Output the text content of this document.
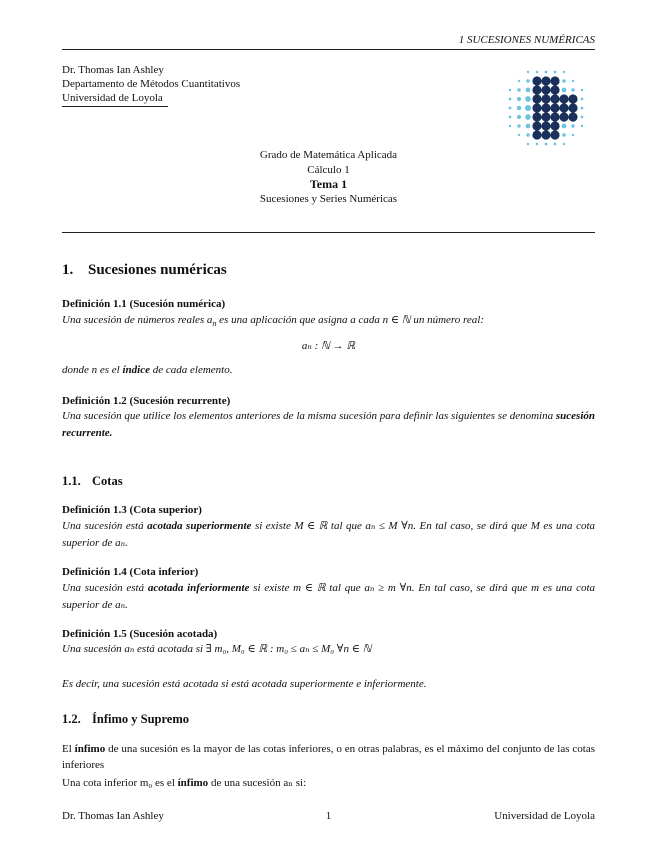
1 SUCESIONES NUMÉRICAS
Dr. Thomas Ian Ashley
Departamento de Métodos Cuantitativos
Universidad de Loyola
Grado de Matemática Aplicada
Cálculo 1
Tema 1
Sucesiones y Series Numéricas
1. Sucesiones numéricas
Definición 1.1 (Sucesión numérica)
Una sucesión de números reales $a_n$ es una aplicación que asigna a cada n ∈ ℕ un número real:
aₙ : ℕ → ℝ
donde n es el índice de cada elemento.
Definición 1.2 (Sucesión recurrente)
Una sucesión que utilice los elementos anteriores de la misma sucesión para definir las siguientes se denomina sucesión recurrente.
1.1. Cotas
Definición 1.3 (Cota superior)
Una sucesión está acotada superiormente si existe M ∈ ℝ tal que aₙ ≤ M ∀n. En tal caso, se dirá que M es una cota superior de aₙ.
Definición 1.4 (Cota inferior)
Una sucesión está acotada inferiormente si existe m ∈ ℝ tal que aₙ ≥ m ∀n. En tal caso, se dirá que m es una cota superior de aₙ.
Definición 1.5 (Sucesión acotada)
Una sucesión aₙ está acotada si ∃ m₀, M₀ ∈ ℝ : m₀ ≤ aₙ ≤ M₀ ∀n ∈ ℕ
Es decir, una sucesión está acotada si está acotada superiormente e inferiormente.
1.2. Ínfimo y Supremo
El ínfimo de una sucesión es la mayor de las cotas inferiores, o en otras palabras, es el máximo del conjunto de las cotas inferiores
Una cota inferior m₀ es el ínfimo de una sucesión aₙ si:
Dr. Thomas Ian Ashley	1	Universidad de Loyola
